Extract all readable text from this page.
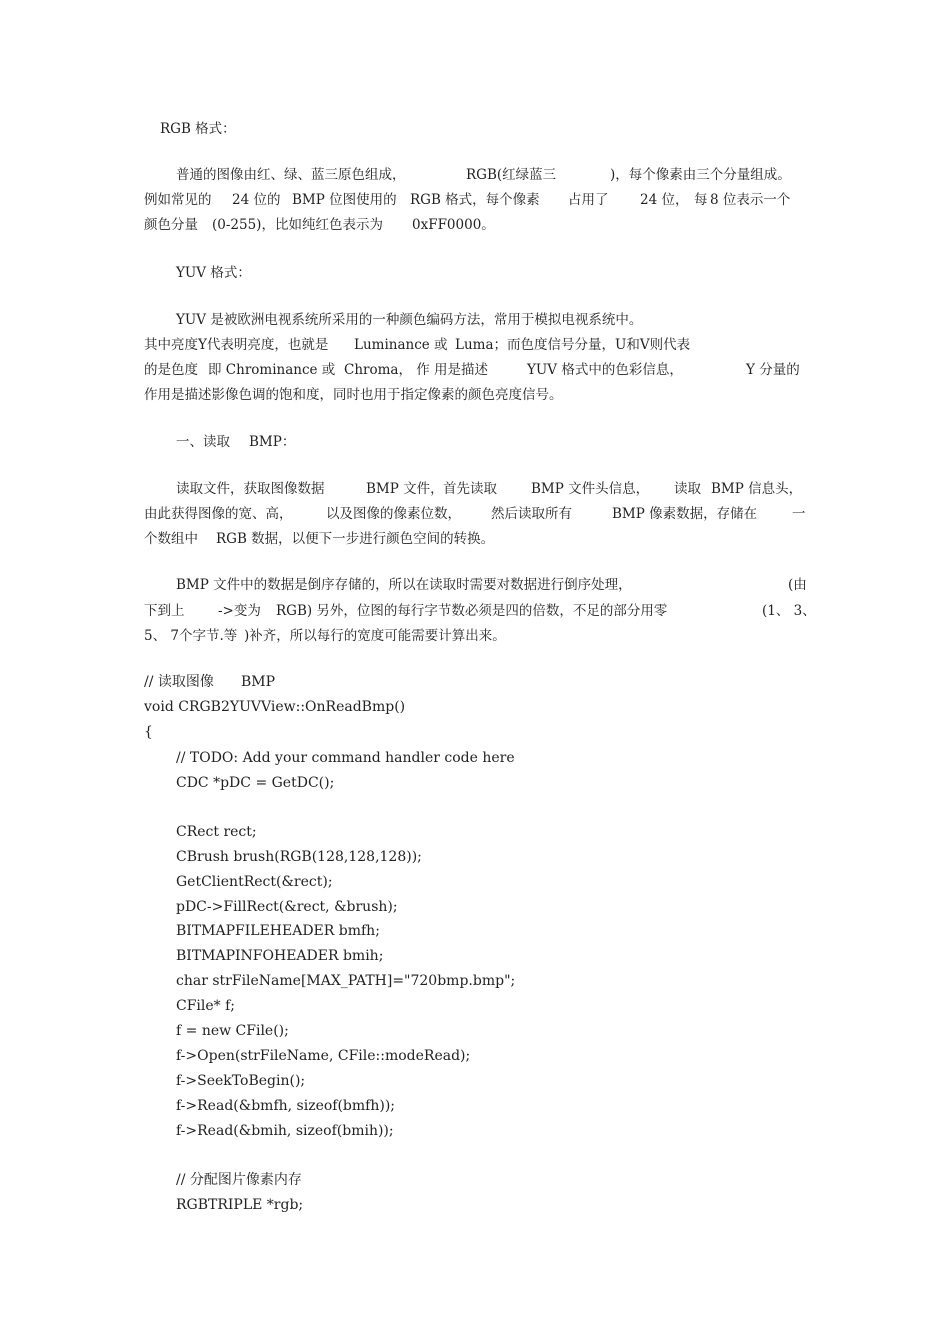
RGB 格式：
普通的图像由红、绿、蓝三原色组成，	RGB(红绿蓝三	)，每个像素由三个分量组成。
例如常见的 24 位的 BMP 位图使用的 RGB 格式，每个像素 占用了 24 位， 每 8 位表示一个
颜色分量 (0-255)，比如纯红色表示为 0xFF0000。
YUV 格式：
YUV 是被欧洲电视系统所采用的一种颜色编码方法，常用于模拟电视系统中。
其中亮度Y代表明亮度，也就是 Luminance 或 Luma；而色度信号分量，U和V则代表
的是色度 即 Chrominance 或 Chroma， 作 用是描述	YUV 格式中的色彩信息，	Y 分量的
作用是描述影像色调的饱和度，同时也用于指定像素的颜色亮度信号。
一、读取 BMP：
读取文件，获取图像数据	BMP 文件， 首先读取	BMP 文件头信息， 读取 BMP 信息头，
由此获得图像的宽、高， 以及图像的像素位数， 然后读取所有	BMP 像素数据，存储在	一
个数组中 RGB 数据，以便下一步进行颜色空间的转换。
BMP 文件中的数据是倒序存储的，所以在读取时需要对数据进行倒序处理，	(由
下到上 ->变为 RGB) 另外，位图的每行字节数必须是四的倍数，不足的部分用零	(1、 3、
5、 7个字节.等 )补齐，所以每行的宽度可能需要计算出来。
// 读取图像 BMP
void CRGB2YUVView::OnReadBmp()
{
// TODO: Add your command handler code here
CDC *pDC = GetDC();
CRect rect;
CBrush brush(RGB(128,128,128));
GetClientRect(&rect);
pDC->FillRect(&rect, &brush);
BITMAPFILEHEADER bmfh;
BITMAPINFOHEADER bmih;
char strFileName[MAX_PATH]="720bmp.bmp";
CFile* f;
f = new CFile();
f->Open(strFileName, CFile::modeRead);
f->SeekToBegin();
f->Read(&bmfh, sizeof(bmfh));
f->Read(&bmih, sizeof(bmih));
// 分配图片像素内存
RGBTRIPLE *rgb;
